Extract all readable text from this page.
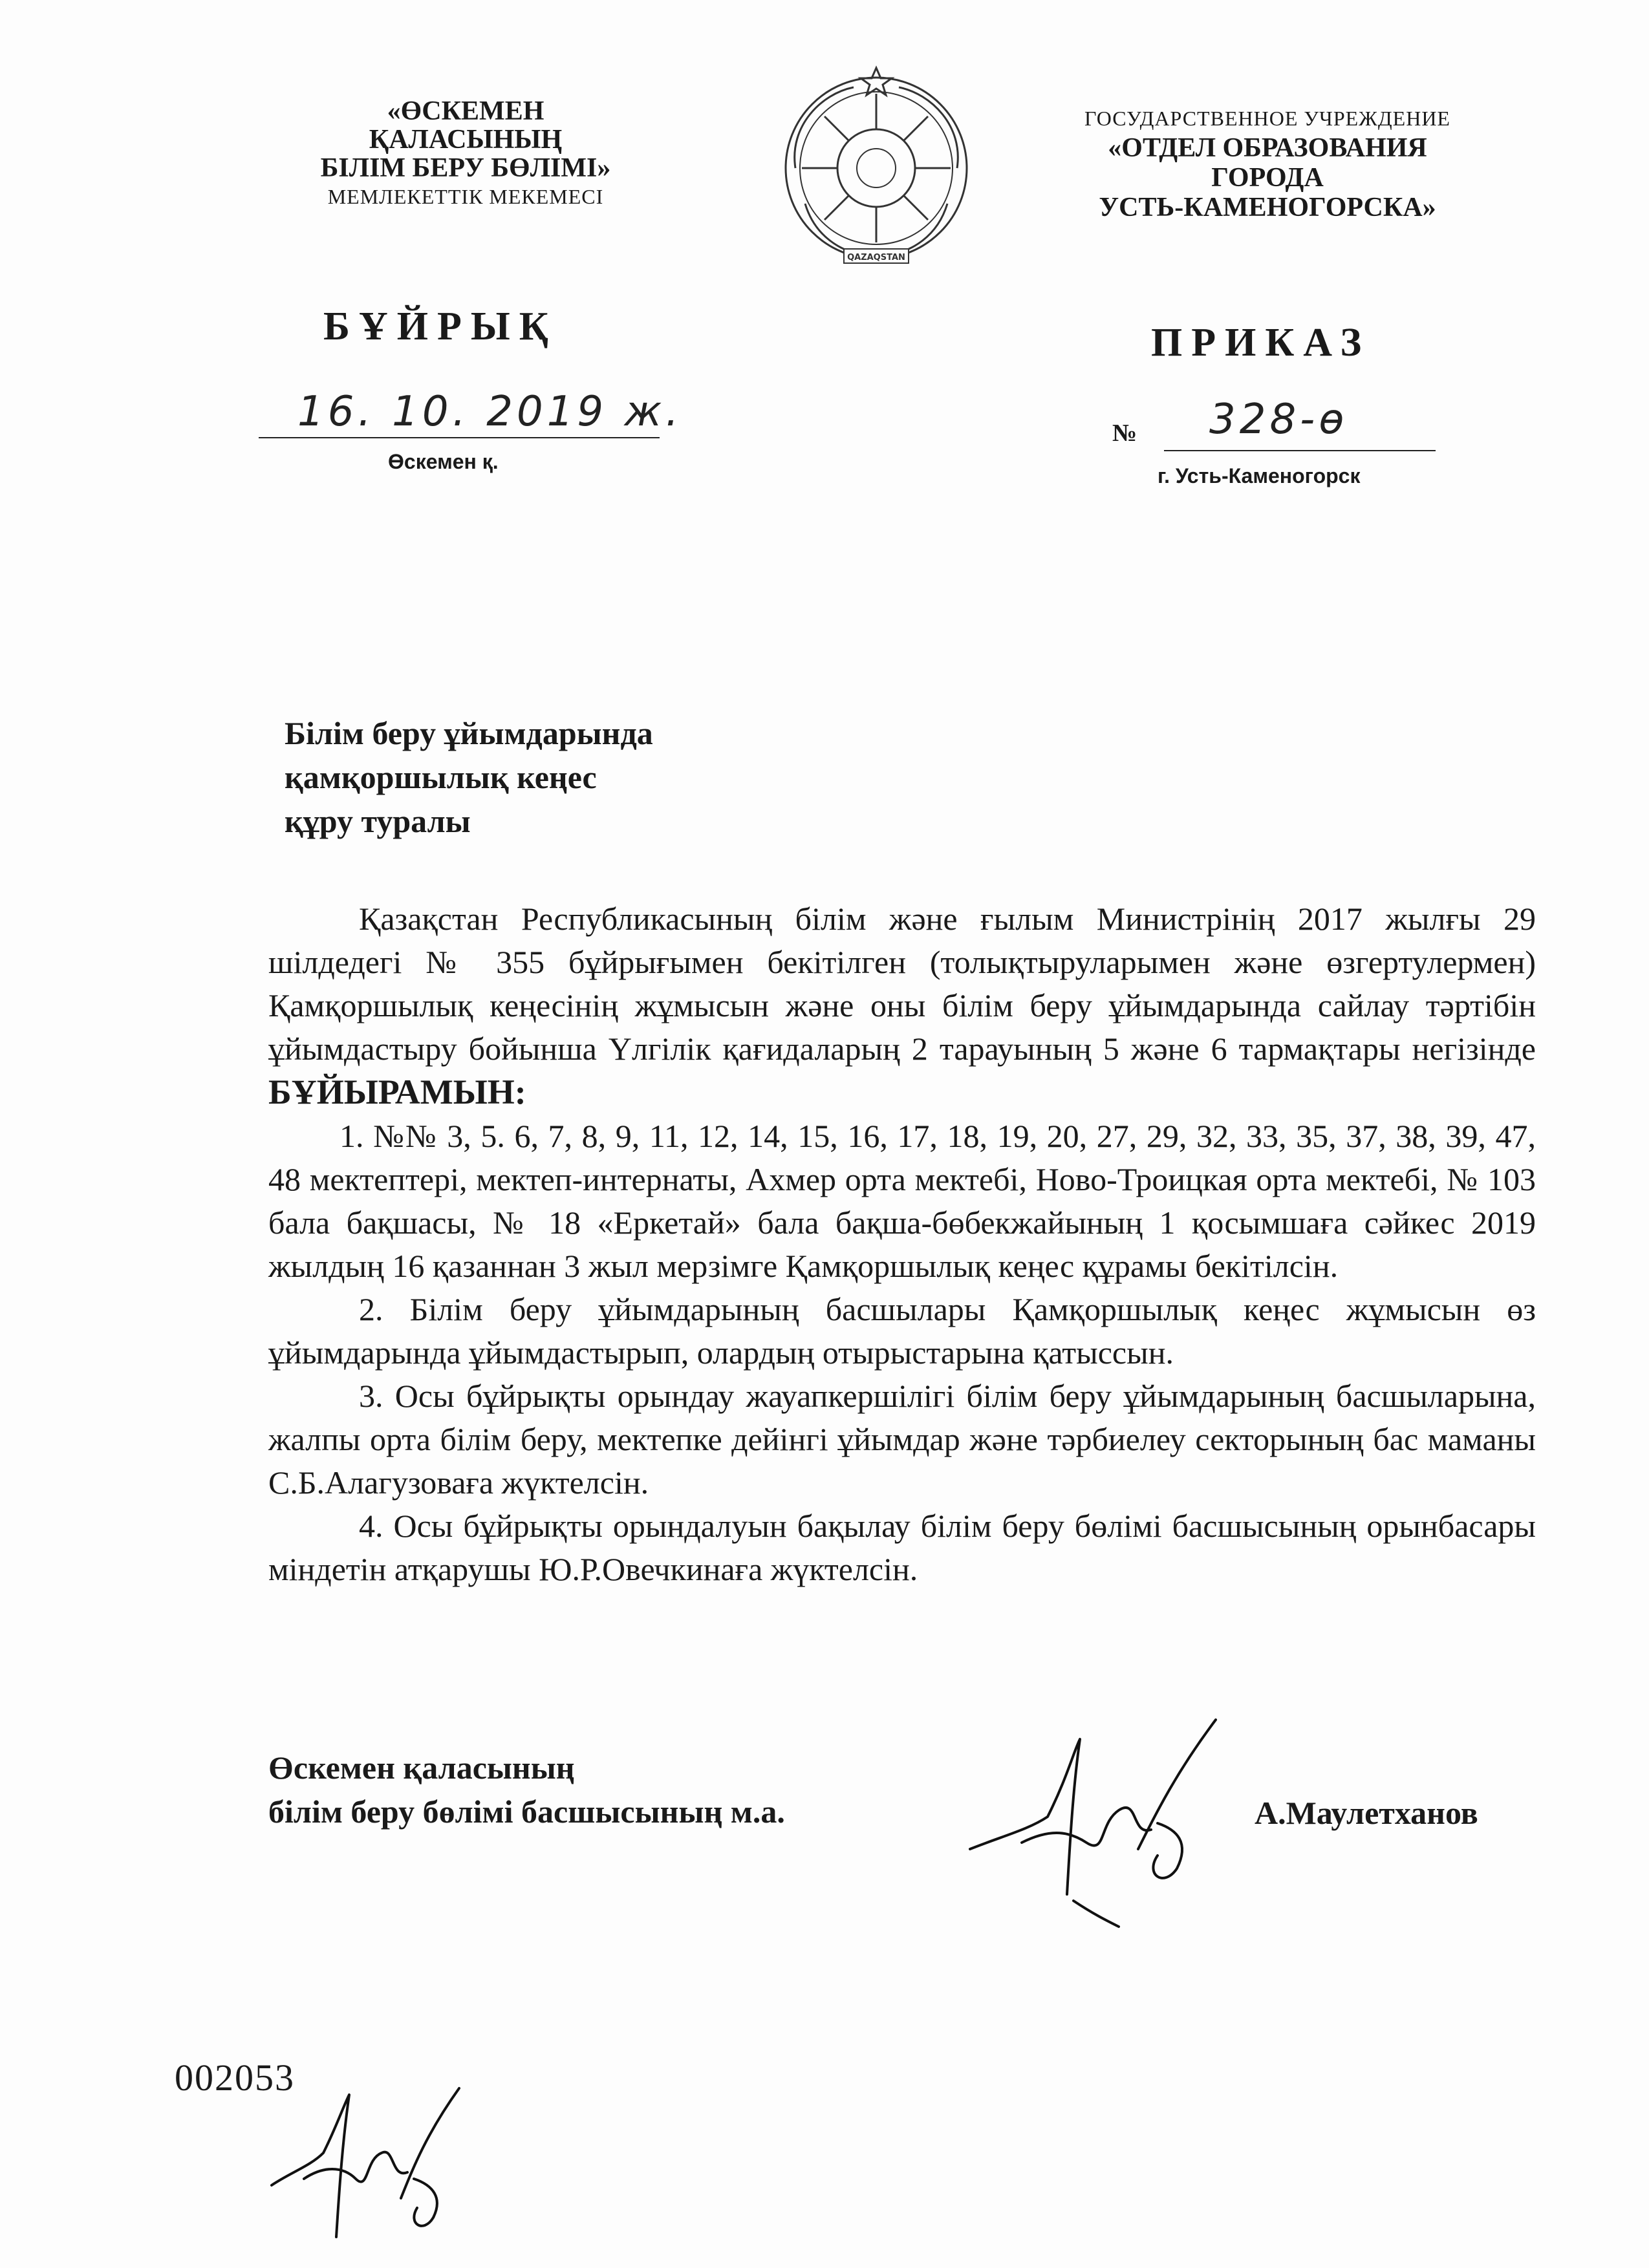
«ӨСКЕМЕН
ҚАЛАСЫНЫҢ
БІЛІМ БЕРУ БӨЛІМІ»
МЕМЛЕКЕТТІК МЕКЕМЕСІ
QAZAQSTAN
ГОСУДАРСТВЕННОЕ УЧРЕЖДЕНИЕ
«ОТДЕЛ ОБРАЗОВАНИЯ
ГОРОДА
УСТЬ-КАМЕНОГОРСКА»
БҰЙРЫҚ	ПРИКАЗ
16. 10. 2019 ж.
Өскемен қ.
№ 328-ө
г. Усть-Каменогорск
Білім беру ұйымдарында
қамқоршылық кеңес
құру туралы

Қазақстан Республикасының білім және ғылым Министрінің 2017 жылғы 29 шілдедегі № 355 бұйрығымен бекітілген (толықтыруларымен және өзгертулермен) Қамқоршылық кеңесінің жұмысын және оны білім беру ұйымдарында сайлау тәртібін ұйымдастыру бойынша Үлгілік қағидаларың 2 тарауының 5 және 6 тармақтары негізінде БҰЙЫРАМЫН:

1. №№ 3, 5. 6, 7, 8, 9, 11, 12, 14, 15, 16, 17, 18, 19, 20, 27, 29, 32, 33, 35, 37, 38, 39, 47, 48 мектептері, мектеп-интернаты, Ахмер орта мектебі, Ново-Троицкая орта мектебі, № 103 бала бақшасы, № 18 «Еркетай» бала бақша-бөбекжайының 1 қосымшаға сәйкес 2019 жылдың 16 қазаннан 3 жыл мерзімге Қамқоршылық кеңес құрамы бекітілсін.

2. Білім беру ұйымдарының басшылары Қамқоршылық кеңес жұмысын өз ұйымдарында ұйымдастырып, олардың отырыстарына қатыссын.

3. Осы бұйрықты орындау жауапкершілігі білім беру ұйымдарының басшыларына, жалпы орта білім беру, мектепке дейінгі ұйымдар және тәрбиелеу секторының бас маманы С.Б.Алагузоваға жүктелсін.

4. Осы бұйрықты орындалуын бақылау білім беру бөлімі басшысының орынбасары міндетін атқарушы Ю.Р.Овечкинаға жүктелсін.

Өскемен қаласының
білім беру бөлімі басшысының м.а.	А.Маулетханов
002053
